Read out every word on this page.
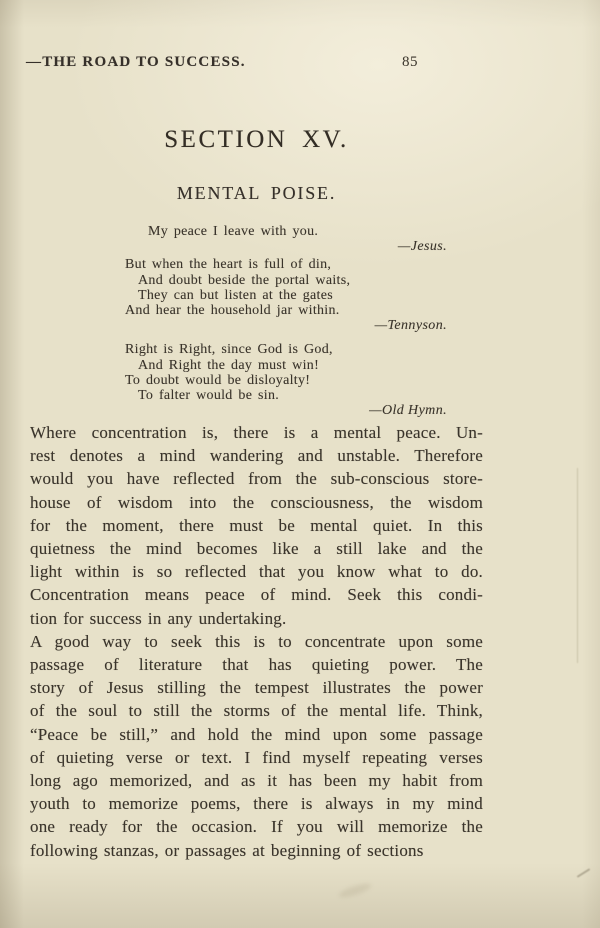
—THE ROAD TO SUCCESS.	85
SECTION XV.
MENTAL POISE.
My peace I leave with you.
—Jesus.
But when the heart is full of din,
And doubt beside the portal waits,
They can but listen at the gates
And hear the household jar within.
—Tennyson.
Right is Right, since God is God,
And Right the day must win!
To doubt would be disloyalty!
To falter would be sin.
—Old Hymn.
Where concentration is, there is a mental peace. Un-
rest denotes a mind wandering and unstable. Therefore
would you have reflected from the sub-conscious store-
house of wisdom into the consciousness, the wisdom
for the moment, there must be mental quiet. In this
quietness the mind becomes like a still lake and the
light within is so reflected that you know what to do.
Concentration means peace of mind. Seek this condi-
tion for success in any undertaking.
A good way to seek this is to concentrate upon some
passage of literature that has quieting power. The
story of Jesus stilling the tempest illustrates the power
of the soul to still the storms of the mental life. Think,
“Peace be still,” and hold the mind upon some passage
of quieting verse or text. I find myself repeating verses
long ago memorized, and as it has been my habit from
youth to memorize poems, there is always in my mind
one ready for the occasion. If you will memorize the
following stanzas, or passages at beginning of sections
